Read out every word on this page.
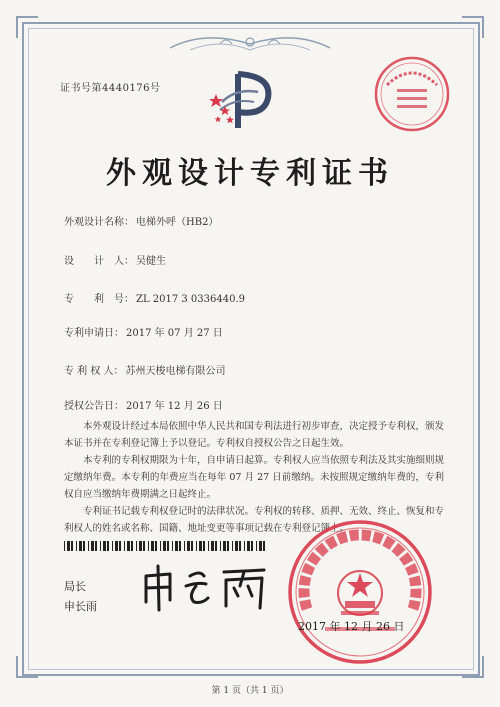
证书号第4440176号
外观设计专利证书
外观设计名称： 电梯外呼（HB2）
设　　计　人： 吴健生
专　　利　号： ZL 2017 3 0336440.9
专利申请日： 2017 年 07 月 27 日
专 利 权 人： 苏州天梭电梯有限公司
授权公告日： 2017 年 12 月 26 日

本外观设计经过本局依照中华人民共和国专利法进行初步审查，决定授予专利权，颁发本证书并在专利登记簿上予以登记。专利权自授权公告之日起生效。

本专利的专利权期限为十年，自申请日起算。专利权人应当依照专利法及其实施细则规定缴纳年费。本专利的年费应当在每年 07 月 27 日前缴纳。未按照规定缴纳年费的，专利权自应当缴纳年费期满之日起终止。

专利证书记载专利权登记时的法律状况。专利权的转移、质押、无效、终止、恢复和专利权人的姓名或名称、国籍、地址变更等事项记载在专利登记簿上。

局长
申长雨
2017 年 12 月 26 日
第 1 页（共 1 页）
